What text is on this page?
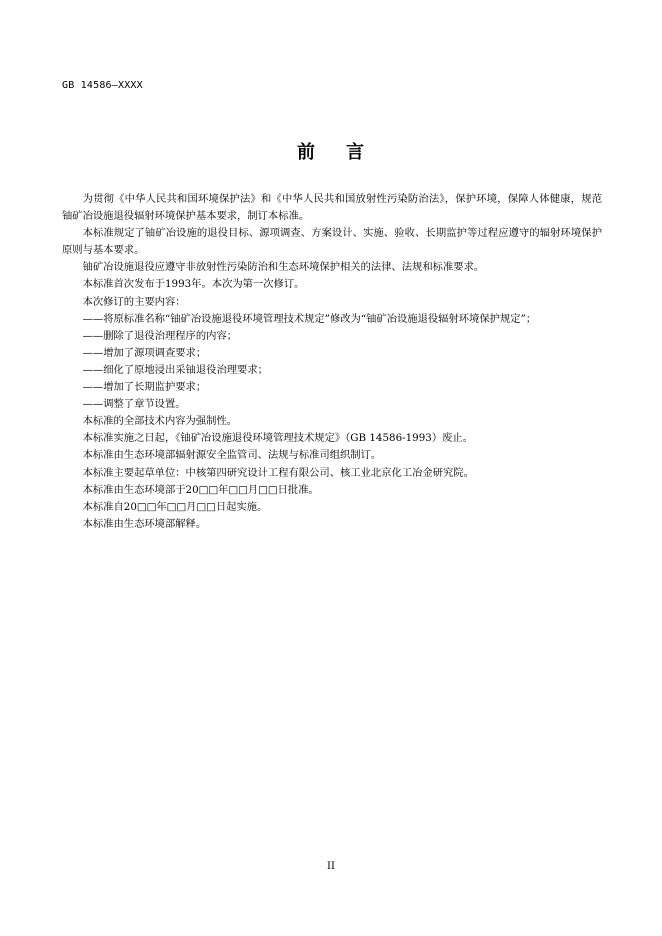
GB 14586—XXXX
前 言

为贯彻《中华人民共和国环境保护法》和《中华人民共和国放射性污染防治法》，保护环境，保障人体健康，规范铀矿冶设施退役辐射环境保护基本要求，制订本标准。

本标准规定了铀矿冶设施的退役目标、源项调查、方案设计、实施、验收、长期监护等过程应遵守的辐射环境保护原则与基本要求。

铀矿冶设施退役应遵守非放射性污染防治和生态环境保护相关的法律、法规和标准要求。

本标准首次发布于1993年。本次为第一次修订。

本次修订的主要内容：

——将原标准名称“铀矿冶设施退役环境管理技术规定”修改为“铀矿冶设施退役辐射环境保护规定”；

——删除了退役治理程序的内容；

——增加了源项调查要求；

——细化了原地浸出采铀退役治理要求；

——增加了长期监护要求；

——调整了章节设置。

本标准的全部技术内容为强制性。

本标准实施之日起，《铀矿冶设施退役环境管理技术规定》（GB 14586-1993）废止。

本标准由生态环境部辐射源安全监管司、法规与标准司组织制订。

本标准主要起草单位：中核第四研究设计工程有限公司、核工业北京化工冶金研究院。

本标准由生态环境部于20□□年□□月□□日批准。

本标准自20□□年□□月□□日起实施。

本标准由生态环境部解释。

II
